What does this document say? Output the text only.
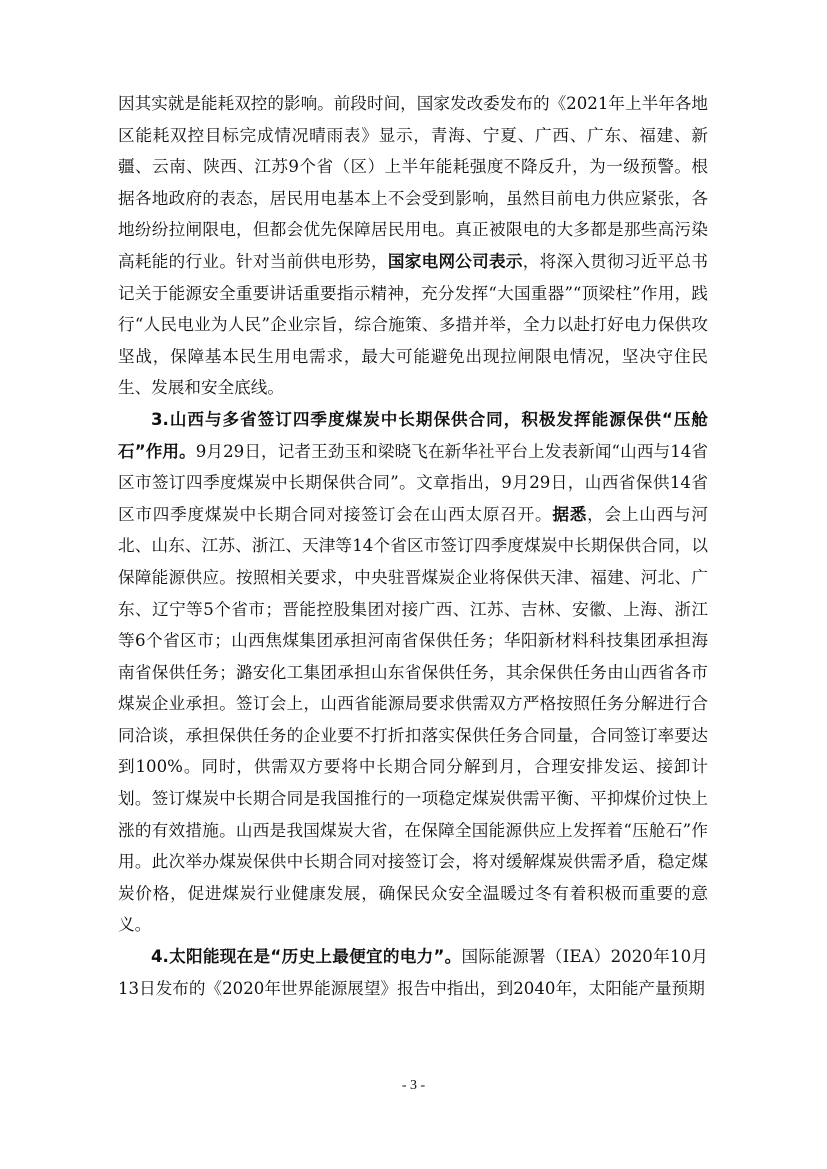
因其实就是能耗双控的影响。前段时间，国家发改委发布的《2021年上半年各地区能耗双控目标完成情况晴雨表》显示，青海、宁夏、广西、广东、福建、新疆、云南、陕西、江苏9个省（区）上半年能耗强度不降反升，为一级预警。根据各地政府的表态，居民用电基本上不会受到影响，虽然目前电力供应紧张，各地纷纷拉闸限电，但都会优先保障居民用电。真正被限电的大多都是那些高污染高耗能的行业。针对当前供电形势，国家电网公司表示，将深入贯彻习近平总书记关于能源安全重要讲话重要指示精神，充分发挥“大国重器”“顶梁柱”作用，践行“人民电业为人民”企业宗旨，综合施策、多措并举，全力以赴打好电力保供攻坚战，保障基本民生用电需求，最大可能避免出现拉闸限电情况，坚决守住民生、发展和安全底线。

3.山西与多省签订四季度煤炭中长期保供合同，积极发挥能源保供“压舱石”作用。9月29日，记者王劲玉和梁晓飞在新华社平台上发表新闻“山西与14省区市签订四季度煤炭中长期保供合同”。文章指出，9月29日，山西省保供14省区市四季度煤炭中长期合同对接签订会在山西太原召开。据悉，会上山西与河北、山东、江苏、浙江、天津等14个省区市签订四季度煤炭中长期保供合同，以保障能源供应。按照相关要求，中央驻晋煤炭企业将保供天津、福建、河北、广东、辽宁等5个省市；晋能控股集团对接广西、江苏、吉林、安徽、上海、浙江等6个省区市；山西焦煤集团承担河南省保供任务；华阳新材料科技集团承担海南省保供任务；潞安化工集团承担山东省保供任务，其余保供任务由山西省各市煤炭企业承担。签订会上，山西省能源局要求供需双方严格按照任务分解进行合同洽谈，承担保供任务的企业要不打折扣落实保供任务合同量，合同签订率要达到100%。同时，供需双方要将中长期合同分解到月，合理安排发运、接卸计划。签订煤炭中长期合同是我国推行的一项稳定煤炭供需平衡、平抑煤价过快上涨的有效措施。山西是我国煤炭大省，在保障全国能源供应上发挥着“压舱石”作用。此次举办煤炭保供中长期合同对接签订会，将对缓解煤炭供需矛盾，稳定煤炭价格，促进煤炭行业健康发展，确保民众安全温暖过冬有着积极而重要的意义。

4.太阳能现在是“历史上最便宜的电力”。国际能源署（IEA）2020年10月13日发布的《2020年世界能源展望》报告中指出，到2040年，太阳能产量预期

- 3 -
